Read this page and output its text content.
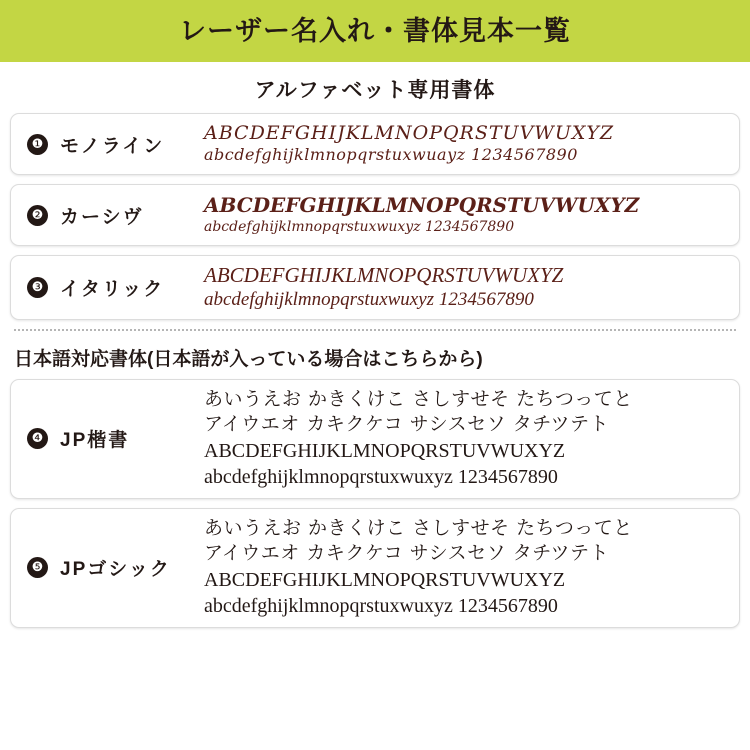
レーザー名入れ・書体見本一覧
アルファベット専用書体
❶ モノライン
ABCDEFGHIJKLMNOPQRSTUVWUXYZ
abcdefghijklmnopqrstuxwuayz 1234567890
❷ カーシヴ	ABCDEFGHIJKLMNOPQRSTUVWUXYZ
abcdefghijklmnopqrstuxwuxyz 1234567890
❸ イタリック
ABCDEFGHIJKLMNOPQRSTUVWUXYZ
abcdefghijklmnopqrstuxwuxyz 1234567890
日本語対応書体(日本語が入っている場合はこちらから)
❹ JP楷書
あいうえお かきくけこ さしすせそ たちつってと
アイウエオ カキクケコ サシスセソ タチツテト
ABCDEFGHIJKLMNOPQRSTUVWUXYZ
abcdefghijklmnopqrstuxwuxyz 1234567890
❺ JPゴシック
あいうえお かきくけこ さしすせそ たちつってと
アイウエオ カキクケコ サシスセソ タチツテト
ABCDEFGHIJKLMNOPQRSTUVWUXYZ
abcdefghijklmnopqrstuxwuxyz 1234567890
